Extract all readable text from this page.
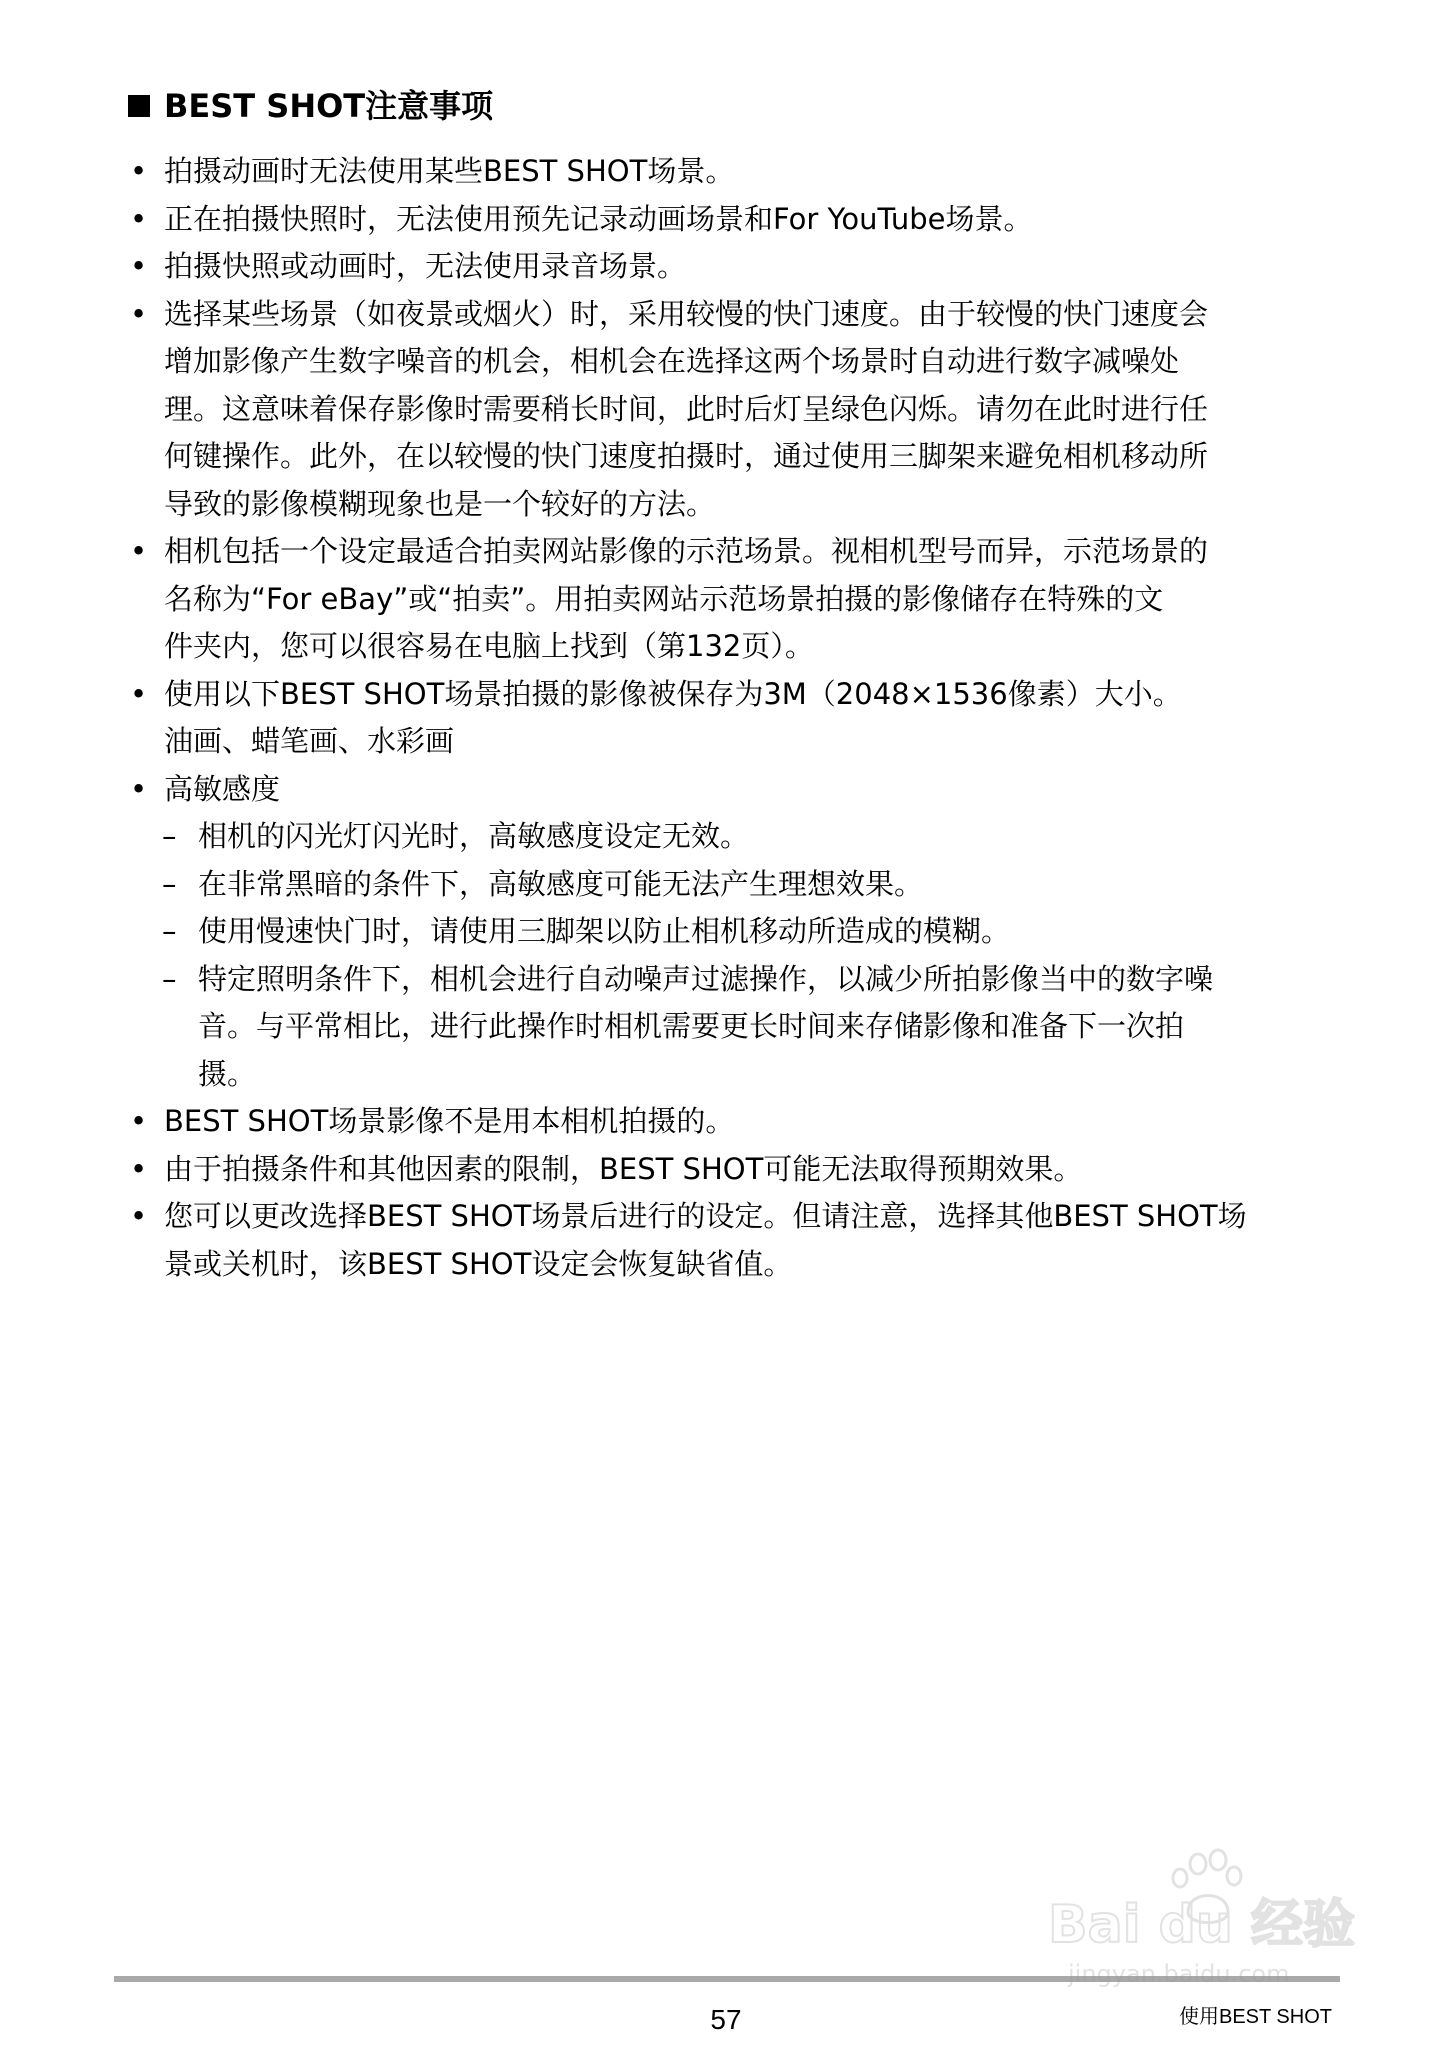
BEST SHOT注意事项
• 拍摄动画时无法使用某些BEST SHOT场景。
• 正在拍摄快照时，无法使用预先记录动画场景和For YouTube场景。
• 拍摄快照或动画时，无法使用录音场景。
• 选择某些场景（如夜景或烟火）时，采用较慢的快门速度。由于较慢的快门速度会
增加影像产生数字噪音的机会，相机会在选择这两个场景时自动进行数字减噪处
理。这意味着保存影像时需要稍长时间，此时后灯呈绿色闪烁。请勿在此时进行任
何键操作。此外，在以较慢的快门速度拍摄时，通过使用三脚架来避免相机移动所
导致的影像模糊现象也是一个较好的方法。
• 相机包括一个设定最适合拍卖网站影像的示范场景。视相机型号而异，示范场景的
名称为“For eBay”或“拍卖”。用拍卖网站示范场景拍摄的影像储存在特殊的文
件夹内，您可以很容易在电脑上找到（第132页）。
• 使用以下BEST SHOT场景拍摄的影像被保存为3M（2048×1536像素）大小。
油画、蜡笔画、水彩画
• 高敏感度
– 相机的闪光灯闪光时，高敏感度设定无效。
– 在非常黑暗的条件下，高敏感度可能无法产生理想效果。
– 使用慢速快门时，请使用三脚架以防止相机移动所造成的模糊。
– 特定照明条件下，相机会进行自动噪声过滤操作，以减少所拍影像当中的数字噪
音。与平常相比，进行此操作时相机需要更长时间来存储影像和准备下一次拍
摄。
• BEST SHOT场景影像不是用本相机拍摄的。
• 由于拍摄条件和其他因素的限制，BEST SHOT可能无法取得预期效果。
• 您可以更改选择BEST SHOT场景后进行的设定。但请注意，选择其他BEST SHOT场
景或关机时，该BEST SHOT设定会恢复缺省值。
57	使用BEST SHOT
Bai du 经验
jingyan.baidu.com
